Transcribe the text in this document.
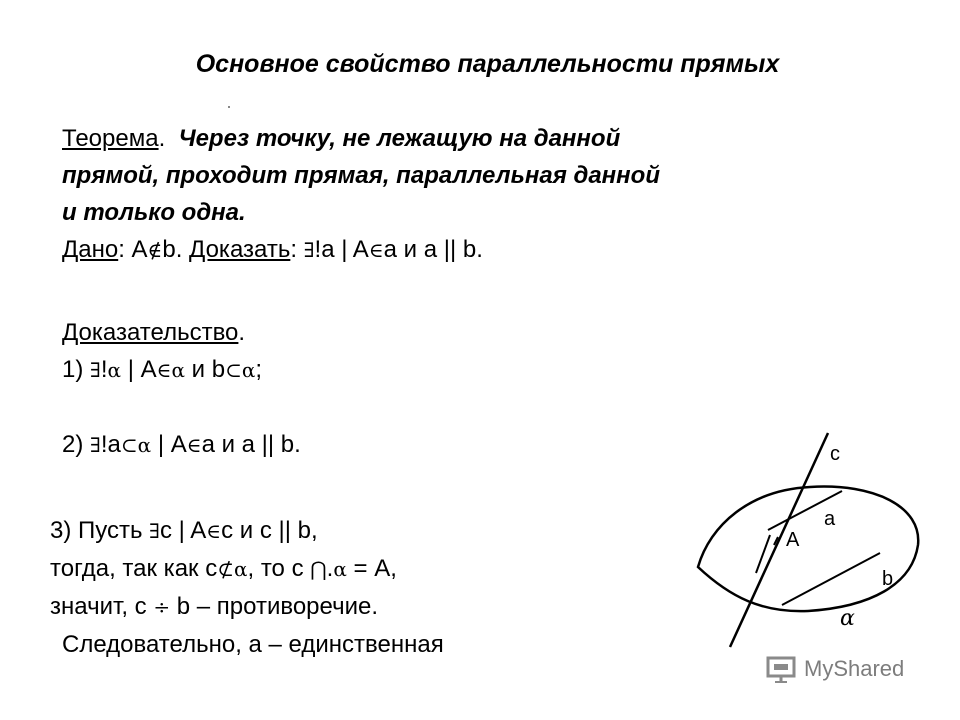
Основное свойство параллельности прямых
Теорема. Через точку, не лежащую на данной
прямой, проходит прямая, параллельная данной
и только одна.
Дано: A∉b. Доказать: ∃!a | A∈a и a || b.
Доказательство.
1) ∃!α | A∈α и b⊂α;
2) ∃!a⊂α | A∈a и a || b.
3) Пусть ∃c | A∈c и c || b,
тогда, так как c⊄α, то c ⋂.α = A,
значит, c ÷ b – противоречие.
Следовательно, a – единственная
c
a
A
b
α
MyShared
